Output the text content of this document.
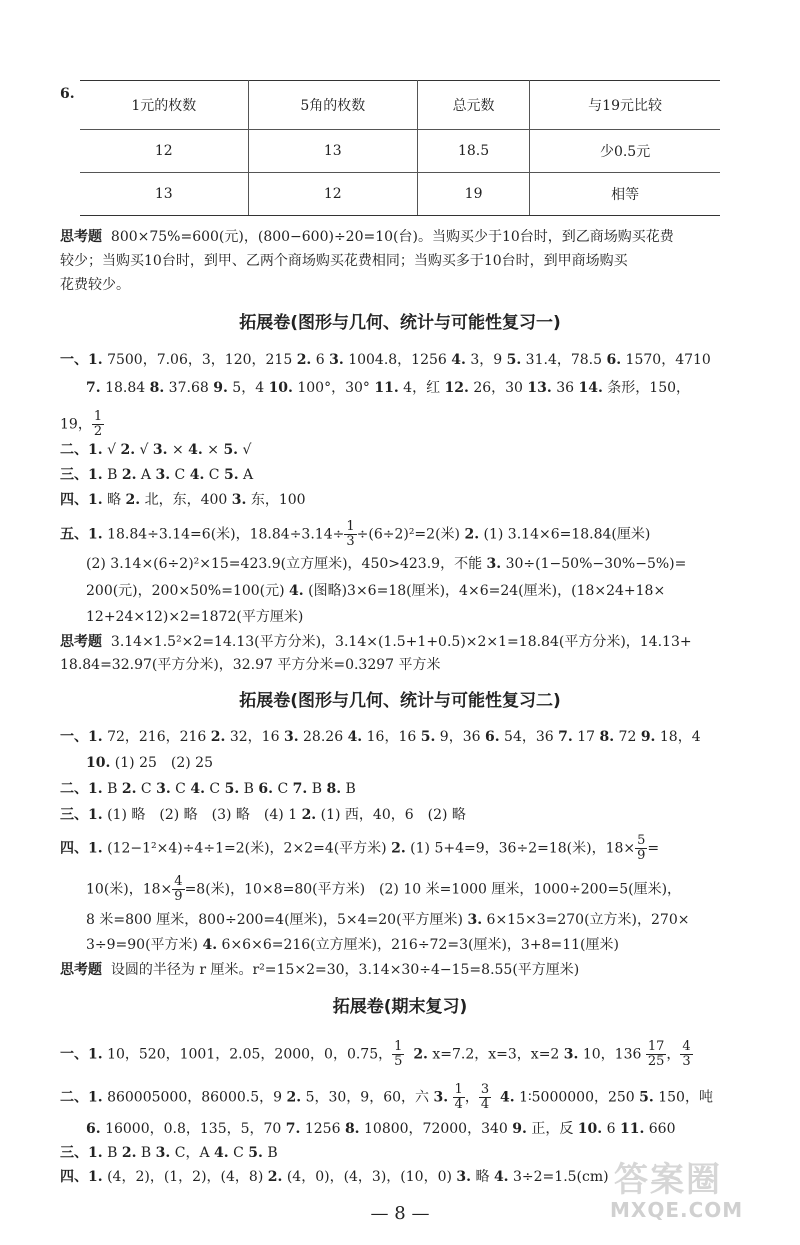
6.
1元的枚数	5角的枚数	总元数	与19元比较
12	13	18.5	少0.5元
13	12	19	相等
思考题 800×75%=600(元)，(800−600)÷20=10(台)。当购买少于10台时，到乙商场购买花费
较少；当购买10台时，到甲、乙两个商场购买花费相同；当购买多于10台时，到甲商场购买
花费较少。
拓展卷(图形与几何、统计与可能性复习一)
一、1. 7500，7.06，3，120，215 2. 6 3. 1004.8，1256 4. 3，9 5. 31.4，78.5 6. 1570，4710
7. 18.84 8. 37.68 9. 5，4 10. 100°，30° 11. 4，红 12. 26，30 13. 36 14. 条形，150，
19， $\frac{1}{2}$
二、1. √ 2. √ 3. × 4. × 5. √
三、1. B 2. A 3. C 4. C 5. A
四、1. 略 2. 北，东，400 3. 东，100
五、1. 18.84÷3.14=6(米)，$18.84\div 3.14\div \frac{1}{3} \div(6\div 2)^2=2$(米) 2. (1) 3.14×6=18.84(厘米)
(2) 3.14×(6÷2)²×15=423.9(立方厘米)，450>423.9，不能 3. 30÷(1−50%−30%−5%)=
200(元)，200×50%=100(元) 4. (图略)3×6=18(厘米)，4×6=24(厘米)，(18×24+18×
12+24×12)×2=1872(平方厘米)
思考题 3.14×1.5²×2=14.13(平方分米)，3.14×(1.5+1+0.5)×2×1=18.84(平方分米)，14.13+
18.84=32.97(平方分米)，32.97 平方分米=0.3297 平方米
拓展卷(图形与几何、统计与可能性复习二)
一、1. 72，216，216 2. 32，16 3. 28.26 4. 16，16 5. 9，36 6. 54，36 7. 17 8. 72 9. 18，4
10. (1) 25　(2) 25
二、1. B 2. C 3. C 4. C 5. B 6. C 7. B 8. B
三、1. (1) 略　(2) 略　(3) 略　(4) 1 2. (1) 西，40，6　(2) 略
四、1. (12−1²×4)÷4÷1=2(米)，2×2=4(平方米) 2. (1) 5+4=9，36÷2=18(米)，$18\times \frac{5}{9}$ =
10(米)，$18\times \frac{4}{9} =8$(米)，10×8=80(平方米)　(2) 10 米=1000 厘米，1000÷200=5(厘米)，
8 米=800 厘米，800÷200=4(厘米)，5×4=20(平方厘米) 3. 6×15×3=270(立方米)，270×
3÷9=90(平方米) 4. 6×6×6=216(立方厘米)，216÷72=3(厘米)，3+8=11(厘米)
思考题 设圆的半径为 r 厘米。r²=15×2=30，3.14×30÷4−15=8.55(平方厘米)
拓展卷(期末复习)
一、1. 10，520，1001，2.05，2000，0，0.75， $\frac{1}{5} 2$. x=7.2，x=3，x=2 3. 10，$136 \frac{17}{25}$ ， $\frac{4}{3}$
二、1. 860005000，86000.5，9 2. 5，30，9，60，六 3. $\frac{1}{4}$ ， $\frac{3}{4} 4$. 1∶5000000，250 5. 150，吨
6. 16000，0.8，135，5，70 7. 1256 8. 10800，72000，340 9. 正，反 10. 6 11. 660
三、1. B 2. B 3. C，A 4. C 5. B
四、1. (4，2)，(1，2)，(4，8) 2. (4，0)，(4，3)，(10，0) 3. 略 4. 3÷2=1.5(cm)
— 8 —
答案圈
MXQE.COM
